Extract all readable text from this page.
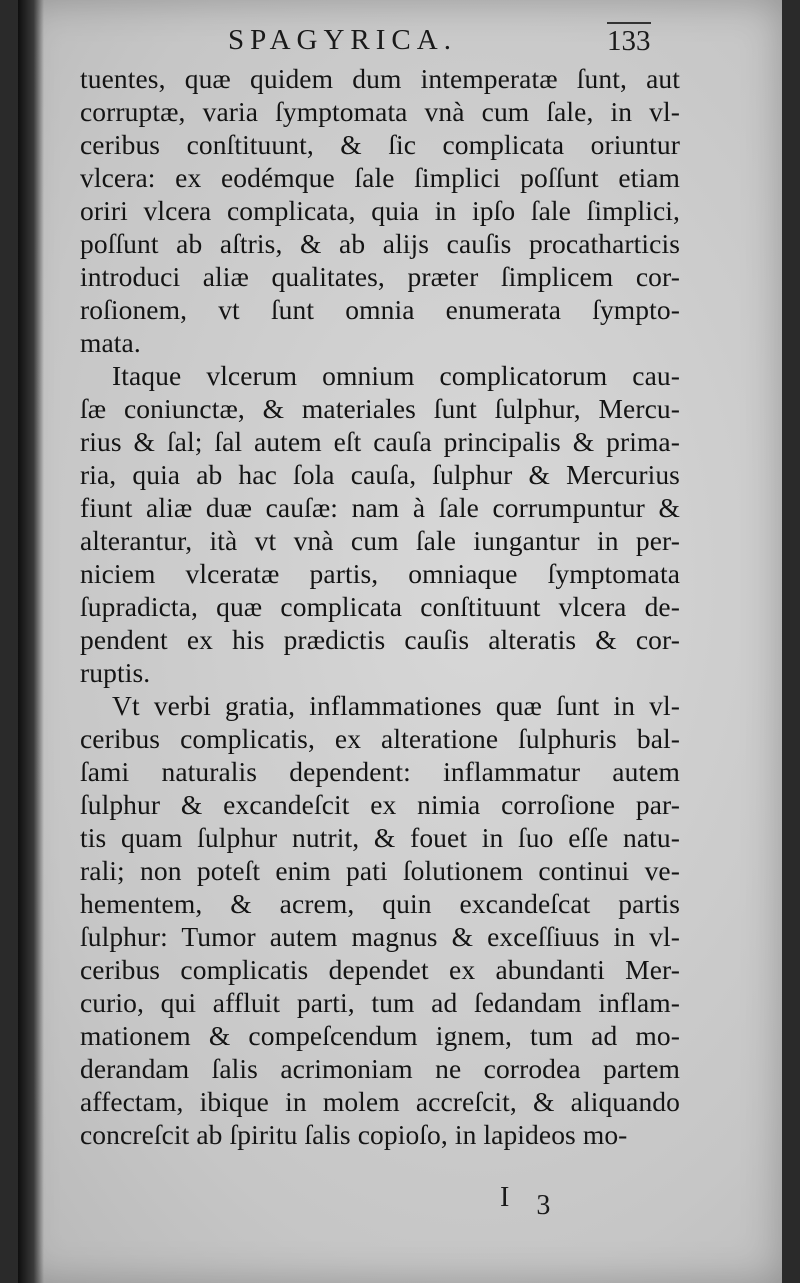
SPAGYRICA.	133
tuentes, quæ quidem dum intemperatæ ſunt, aut
corruptæ, varia ſymptomata vnà cum ſale, in vl-
ceribus conſtituunt, & ſic complicata oriuntur
vlcera: ex eodémque ſale ſimplici poſſunt etiam
oriri vlcera complicata, quia in ipſo ſale ſimplici,
poſſunt ab aſtris, & ab alijs cauſis procatharticis
introduci aliæ qualitates, præter ſimplicem cor-
roſionem, vt ſunt omnia enumerata ſympto-
mata.
Itaque vlcerum omnium complicatorum cau-
ſæ coniunctæ, & materiales ſunt ſulphur, Mercu-
rius & ſal; ſal autem eſt cauſa principalis & prima-
ria, quia ab hac ſola cauſa, ſulphur & Mercurius
fiunt aliæ duæ cauſæ: nam à ſale corrumpuntur &
alterantur, ità vt vnà cum ſale iungantur in per-
niciem vlceratæ partis, omniaque ſymptomata
ſupradicta, quæ complicata conſtituunt vlcera de-
pendent ex his prædictis cauſis alteratis & cor-
ruptis.
Vt verbi gratia, inflammationes quæ ſunt in vl-
ceribus complicatis, ex alteratione ſulphuris bal-
ſami naturalis dependent: inflammatur autem
ſulphur & excandeſcit ex nimia corroſione par-
tis quam ſulphur nutrit, & fouet in ſuo eſſe natu-
rali; non poteſt enim pati ſolutionem continui ve-
hementem, & acrem, quin excandeſcat partis
ſulphur: Tumor autem magnus & exceſſiuus in vl-
ceribus complicatis dependet ex abundanti Mer-
curio, qui affluit parti, tum ad ſedandam inflam-
mationem & compeſcendum ignem, tum ad mo-
derandam ſalis acrimoniam ne corrodea partem
affectam, ibique in molem accreſcit, & aliquando
concreſcit ab ſpiritu ſalis copioſo, in lapideos mo-
I 3
